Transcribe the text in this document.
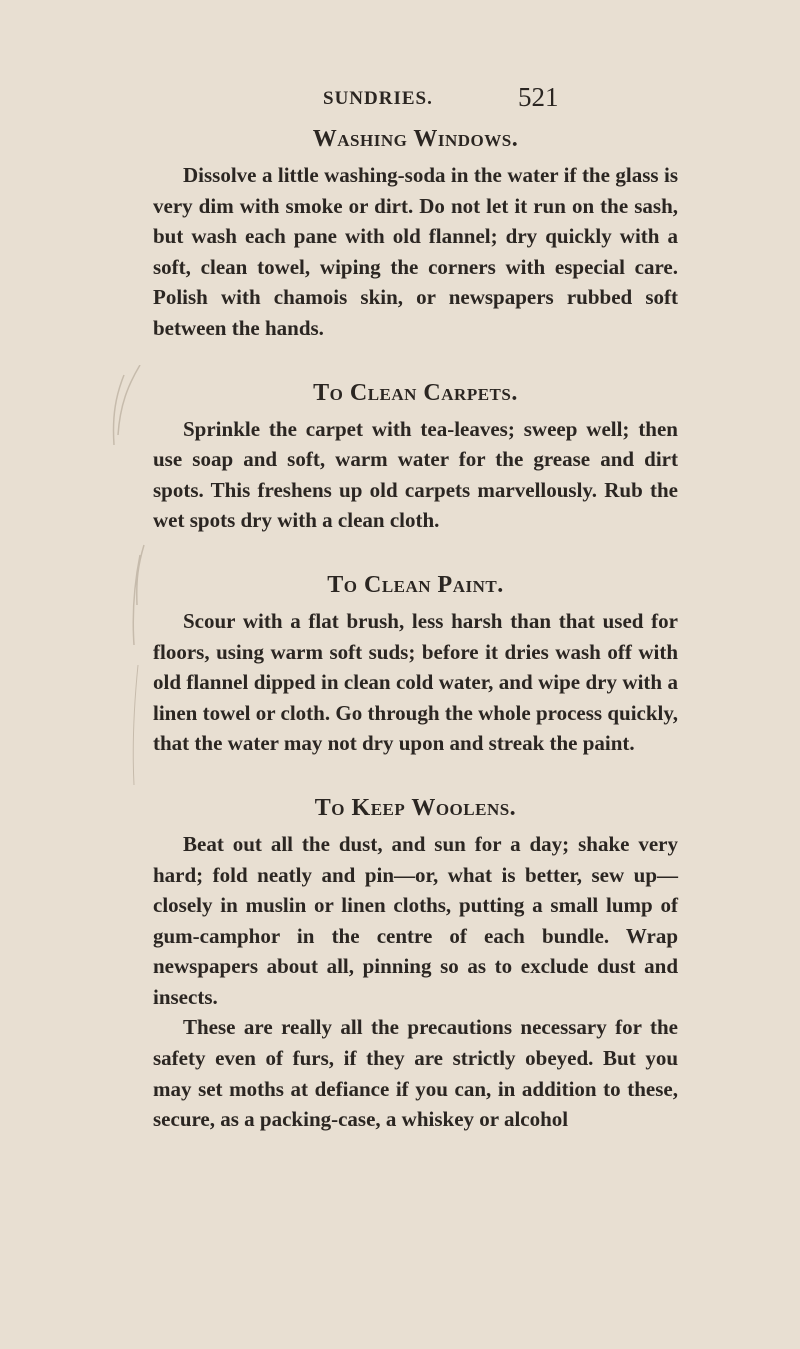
SUNDRIES.	521
Washing Windows.

Dissolve a little washing-soda in the water if the glass is very dim with smoke or dirt. Do not let it run on the sash, but wash each pane with old flannel; dry quickly with a soft, clean towel, wiping the corners with especial care. Polish with chamois skin, or newspapers rubbed soft between the hands.

To Clean Carpets.

Sprinkle the carpet with tea-leaves; sweep well; then use soap and soft, warm water for the grease and dirt spots. This freshens up old carpets marvellously. Rub the wet spots dry with a clean cloth.

To Clean Paint.

Scour with a flat brush, less harsh than that used for floors, using warm soft suds; before it dries wash off with old flannel dipped in clean cold water, and wipe dry with a linen towel or cloth. Go through the whole process quickly, that the water may not dry upon and streak the paint.

To Keep Woolens.

Beat out all the dust, and sun for a day; shake very hard; fold neatly and pin—or, what is better, sew up—closely in muslin or linen cloths, putting a small lump of gum-camphor in the centre of each bundle. Wrap newspapers about all, pinning so as to exclude dust and insects.

These are really all the precautions necessary for the safety even of furs, if they are strictly obeyed. But you may set moths at defiance if you can, in addition to these, secure, as a packing-case, a whiskey or alcohol
